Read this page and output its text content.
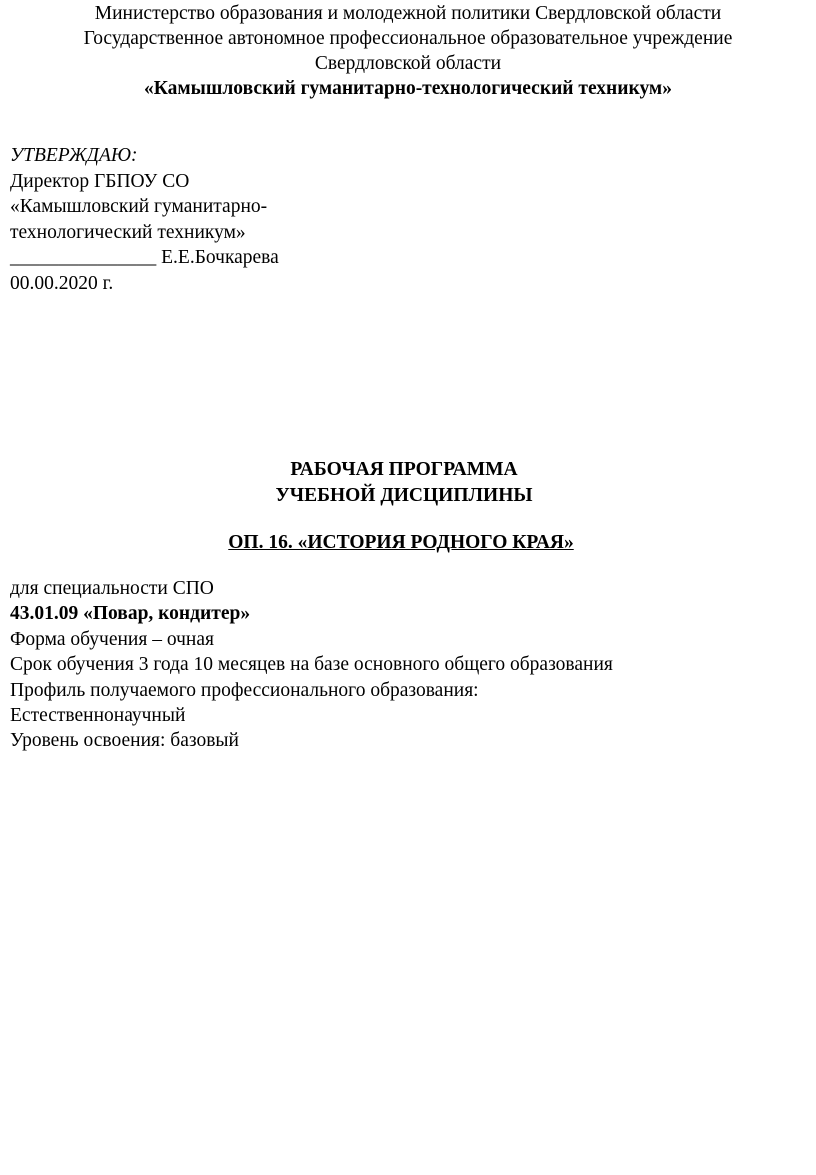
Министерство образования и молодежной политики Свердловской области
Государственное автономное профессиональное образовательное учреждение
Свердловской области
«Камышловский гуманитарно-технологический техникум»
УТВЕРЖДАЮ:
Директор ГБПОУ СО
«Камышловский гуманитарно-
технологический техникум»
_______________ Е.Е.Бочкарева
00.00.2020 г.
РАБОЧАЯ ПРОГРАММА
УЧЕБНОЙ ДИСЦИПЛИНЫ
ОП. 16. «ИСТОРИЯ РОДНОГО КРАЯ»
для специальности СПО
43.01.09 «Повар, кондитер»
Форма обучения – очная
Срок обучения 3 года 10 месяцев на базе основного общего образования
Профиль получаемого профессионального образования:
Естественнонаучный
Уровень освоения: базовый
